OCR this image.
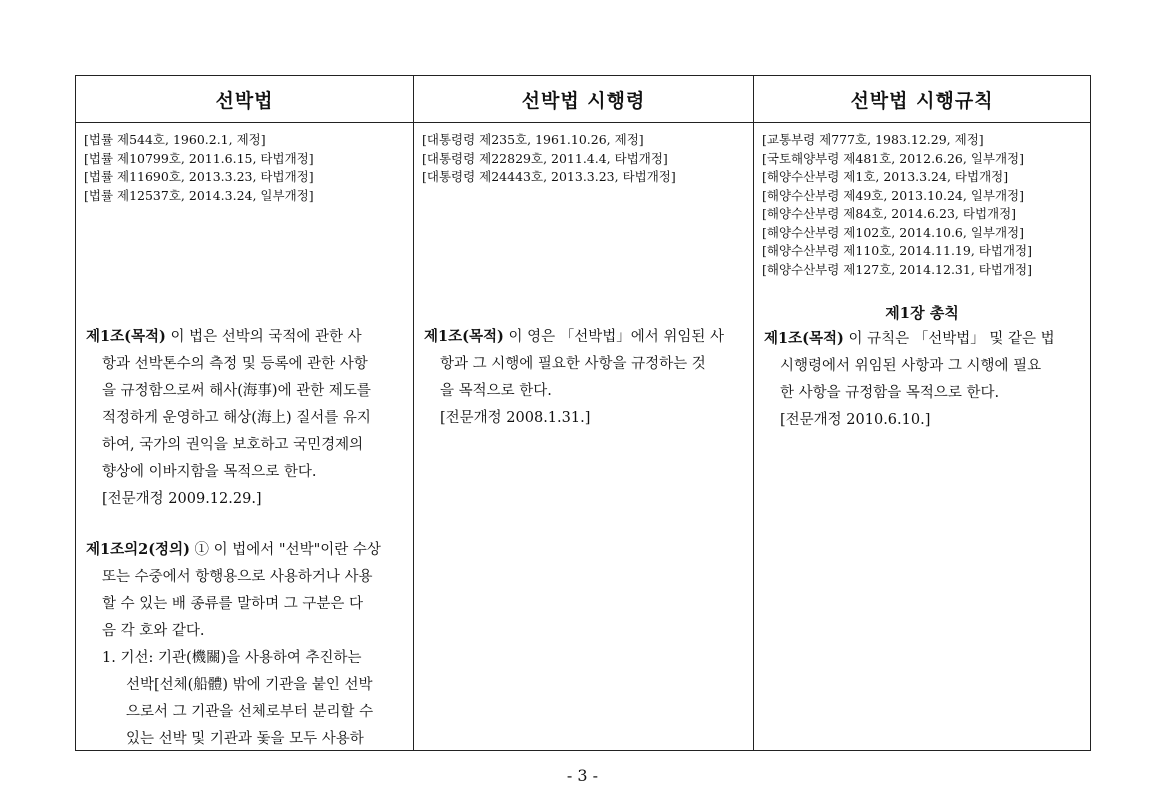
선박법
[법률 제544호, 1960.2.1, 제정]
[법률 제10799호, 2011.6.15, 타법개정]
[법률 제11690호, 2013.3.23, 타법개정]
[법률 제12537호, 2014.3.24, 일부개정]

제1조(목적) 이 법은 선박의 국적에 관한 사

항과 선박톤수의 측정 및 등록에 관한 사항

을 규정함으로써 해사(海事)에 관한 제도를

적정하게 운영하고 해상(海上) 질서를 유지

하여, 국가의 권익을 보호하고 국민경제의

향상에 이바지함을 목적으로 한다.

[전문개정 2009.12.29.]

제1조의2(정의) ① 이 법에서 "선박"이란 수상

또는 수중에서 항행용으로 사용하거나 사용

할 수 있는 배 종류를 말하며 그 구분은 다

음 각 호와 같다.

1. 기선: 기관(機關)을 사용하여 추진하는

선박[선체(船體) 밖에 기관을 붙인 선박

으로서 그 기관을 선체로부터 분리할 수

있는 선박 및 기관과 돛을 모두 사용하

선박법 시행령
[대통령령 제235호, 1961.10.26, 제정]
[대통령령 제22829호, 2011.4.4, 타법개정]
[대통령령 제24443호, 2013.3.23, 타법개정]

제1조(목적) 이 영은 「선박법」에서 위임된 사

항과 그 시행에 필요한 사항을 규정하는 것

을 목적으로 한다.

[전문개정 2008.1.31.]

선박법 시행규칙
[교통부령 제777호, 1983.12.29, 제정]
[국토해양부령 제481호, 2012.6.26, 일부개정]
[해양수산부령 제1호, 2013.3.24, 타법개정]
[해양수산부령 제49호, 2013.10.24, 일부개정]
[해양수산부령 제84호, 2014.6.23, 타법개정]
[해양수산부령 제102호, 2014.10.6, 일부개정]
[해양수산부령 제110호, 2014.11.19, 타법개정]
[해양수산부령 제127호, 2014.12.31, 타법개정]
제1장 총칙

제1조(목적) 이 규칙은 「선박법」 및 같은 법

시행령에서 위임된 사항과 그 시행에 필요

한 사항을 규정함을 목적으로 한다.

[전문개정 2010.6.10.]

- 3 -
